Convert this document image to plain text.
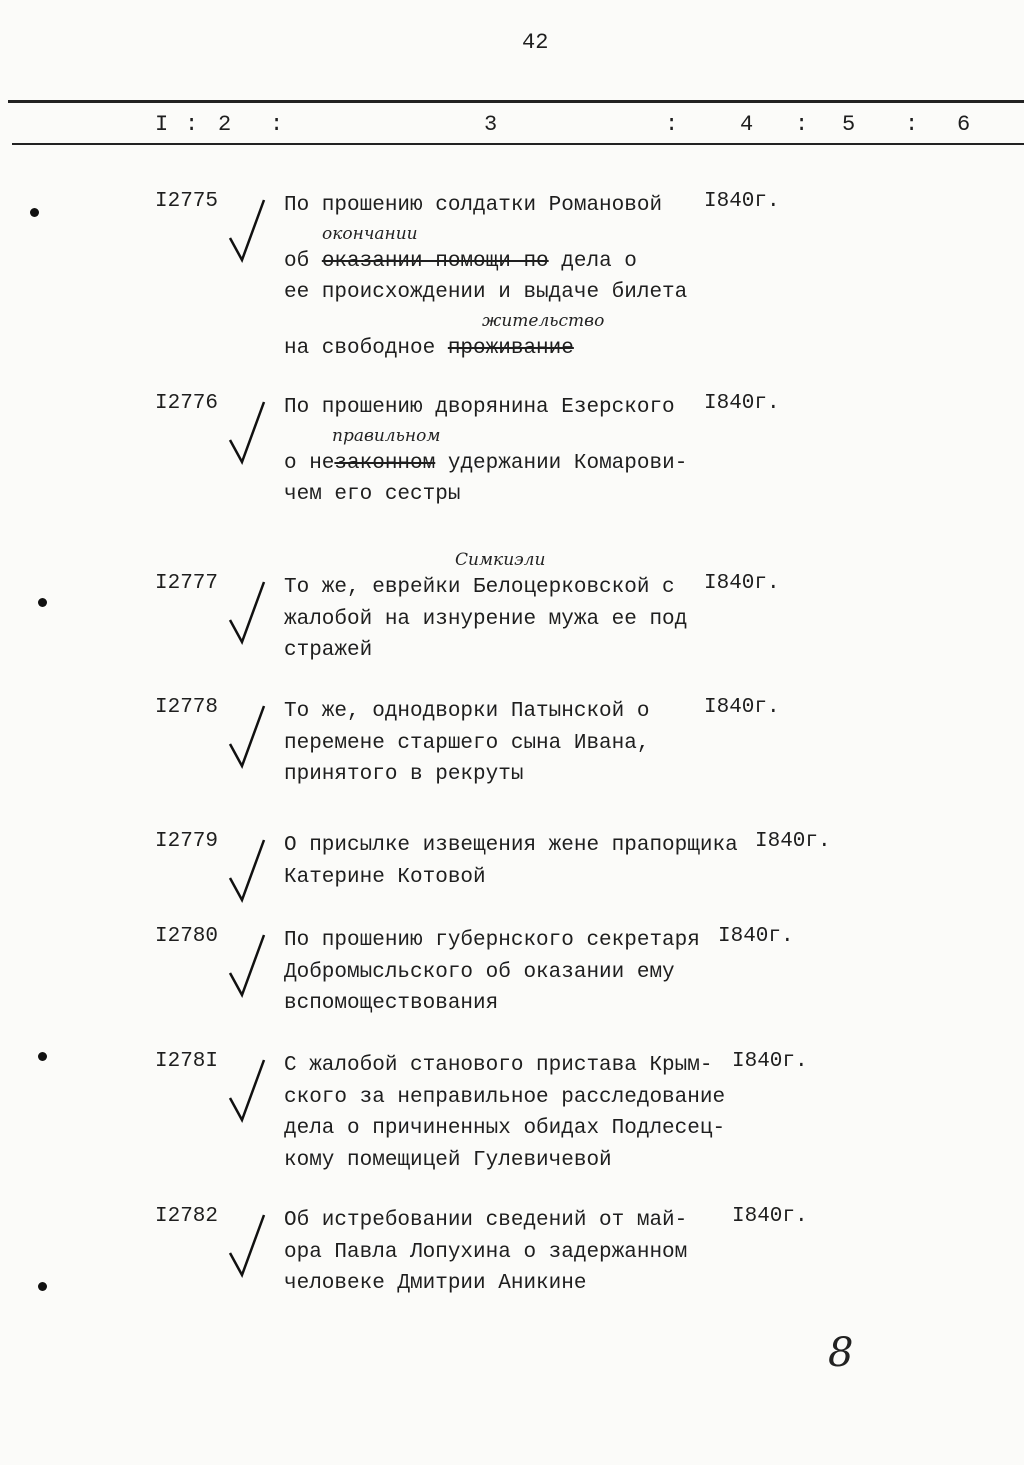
42
I : 2 :	3	:	4 : 5 : 6
I2775	По прошению солдатки Романовой
окончании
об оказании помощи по дела о
ее происхождении и выдаче билета
жительство
на свободное проживание
I840г.
I2776	По прошению дворянина Езерского
правильном
о незаконном удержании Комарови-
чем его сестры
I840г.
I2777
Симкиэли
То же, еврейки Белоцерковской с
жалобой на изнурение мужа ее под
стражей
I840г.
I2778	То же, однодворки Патынской о
перемене старшего сына Ивана,
принятого в рекруты
I840г.
I2779	О присылке извещения жене прапорщика
Катерине Котовой
I840г.
I2780	По прошению губернского секретаря
Добромысльского об оказании ему
вспомоществования
I840г.
I278I	С жалобой станового пристава Крым-
ского за неправильное расследование
дела о причиненных обидах Подлесец-
кому помещицей Гулевичевой
I840г.
I2782	Об истребовании сведений от май-
ора Павла Лопухина о задержанном
человеке Дмитрии Аникине
I840г.
8
